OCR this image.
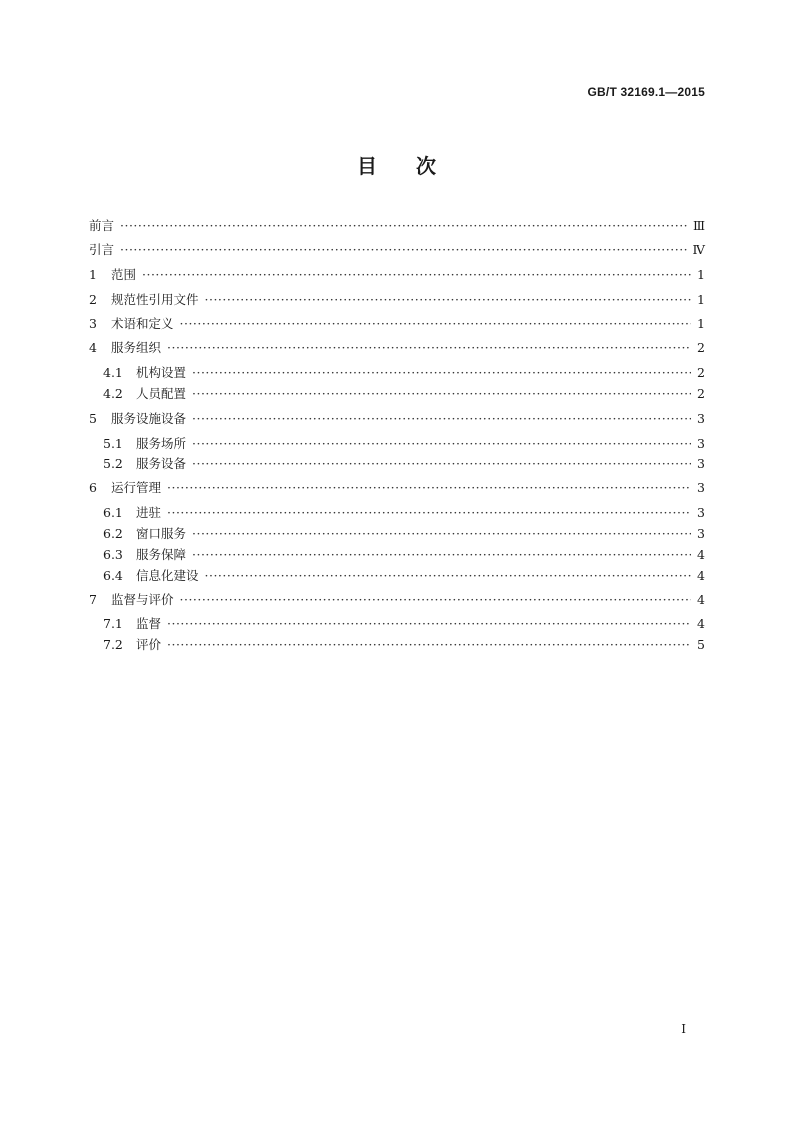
GB/T 32169.1—2015
目 次
前言 ·····	Ⅲ
引言 ·····	Ⅳ
1	范围 ·····	1
2	规范性引用文件 ·····	1
3	术语和定义 ·····	1
4	服务组织 ·····	2
4.1	机构设置 ·····	2
4.2	人员配置 ·····	2
5	服务设施设备 ·····	3
5.1	服务场所 ·····	3
5.2	服务设备 ·····	3
6	运行管理 ·····	3
6.1	进驻 ·····	3
6.2	窗口服务 ·····	3
6.3	服务保障 ·····	4
6.4	信息化建设 ·····	4
7	监督与评价 ·····	4
7.1	监督 ·····	4
7.2	评价 ·····	5
I
